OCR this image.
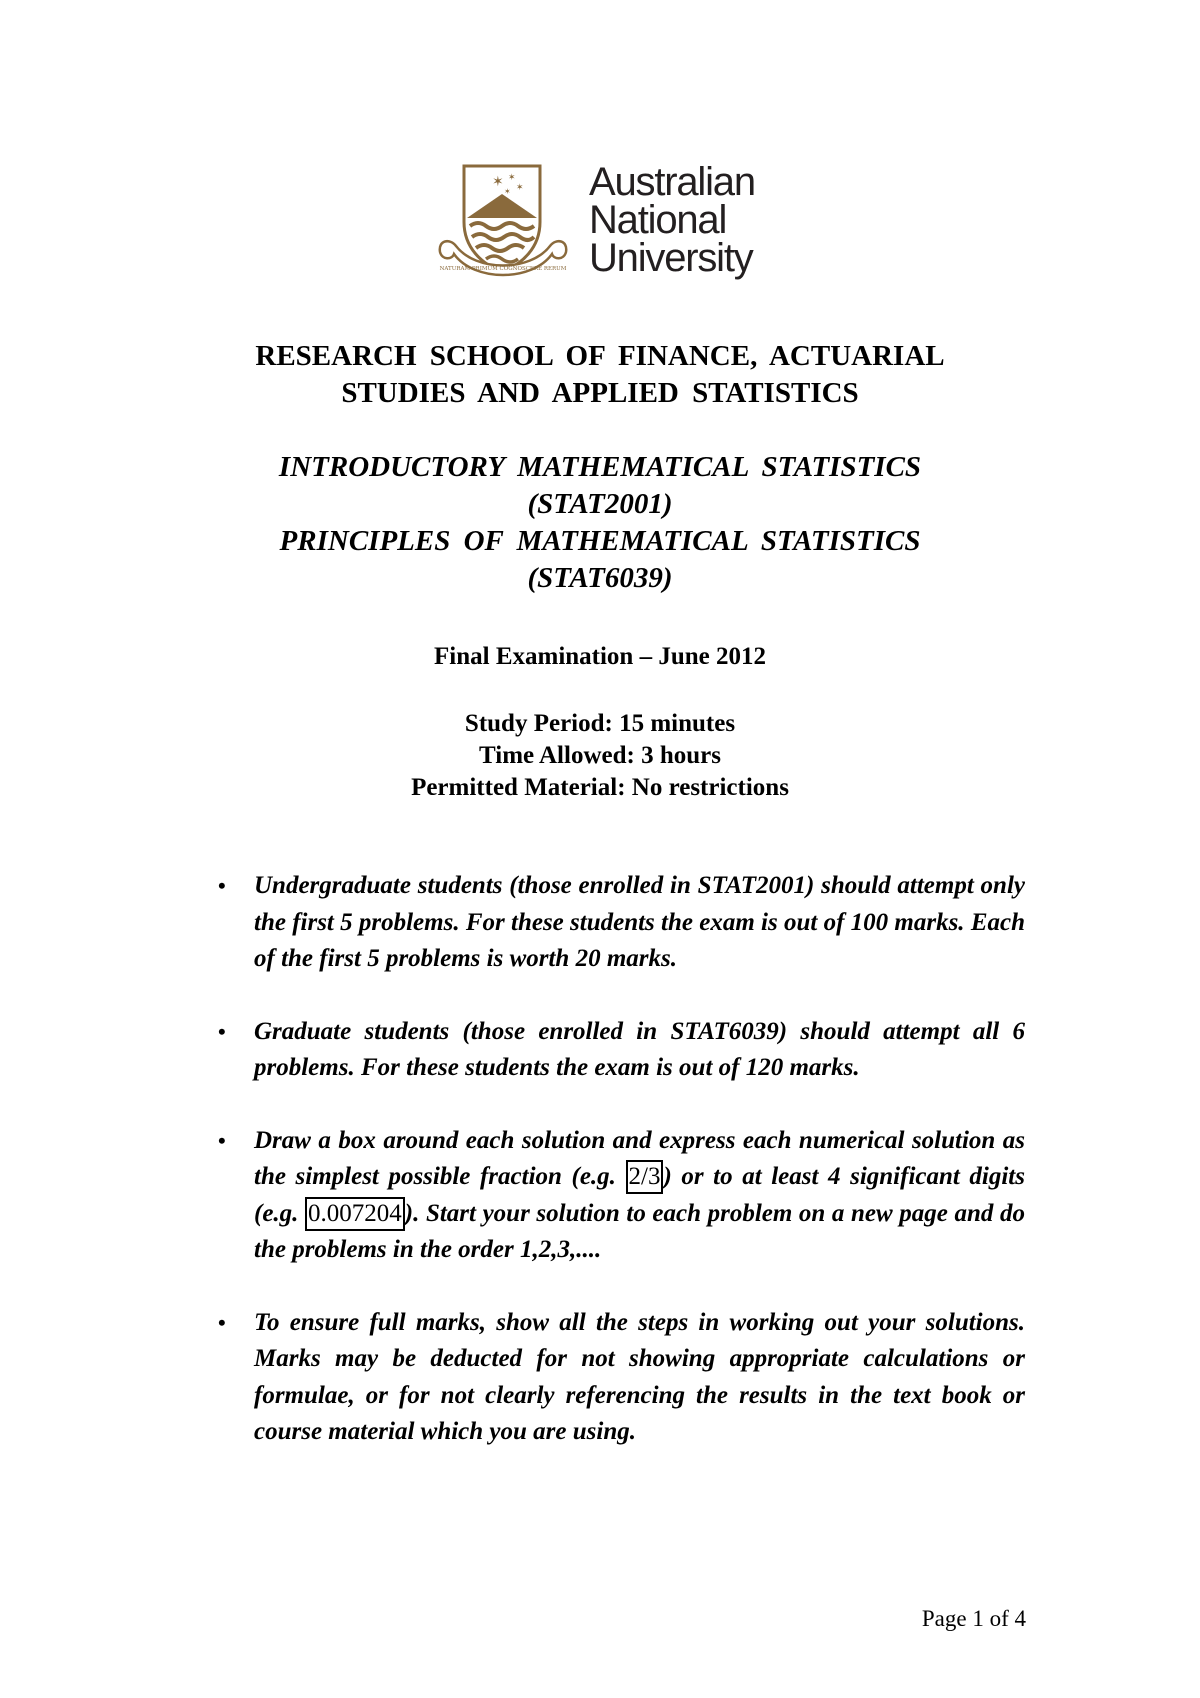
✶ ✶
✶
✶
NATURAM PRIMUM COGNOSCERE RERUM
Australian
National
University
RESEARCH SCHOOL OF FINANCE, ACTUARIAL
STUDIES AND APPLIED STATISTICS
INTRODUCTORY MATHEMATICAL STATISTICS
(STAT2001)
PRINCIPLES OF MATHEMATICAL STATISTICS
(STAT6039)
Final Examination – June 2012
Study Period: 15 minutes
Time Allowed: 3 hours
Permitted Material: No restrictions
• Undergraduate students (those enrolled in STAT2001) should attempt only the first 5 problems. For these students the exam is out of 100 marks. Each of the first 5 problems is worth 20 marks.
• Graduate students (those enrolled in STAT6039) should attempt all 6 problems. For these students the exam is out of 120 marks.
• Draw a box around each solution and express each numerical solution as the simplest possible fraction (e.g. 2/3 ) or to at least 4 significant digits (e.g. 0.007204 ). Start your solution to each problem on a new page and do the problems in the order 1,2,3,....
• To ensure full marks, show all the steps in working out your solutions. Marks may be deducted for not showing appropriate calculations or formulae, or for not clearly referencing the results in the text book or course material which you are using.
Page 1 of 4
